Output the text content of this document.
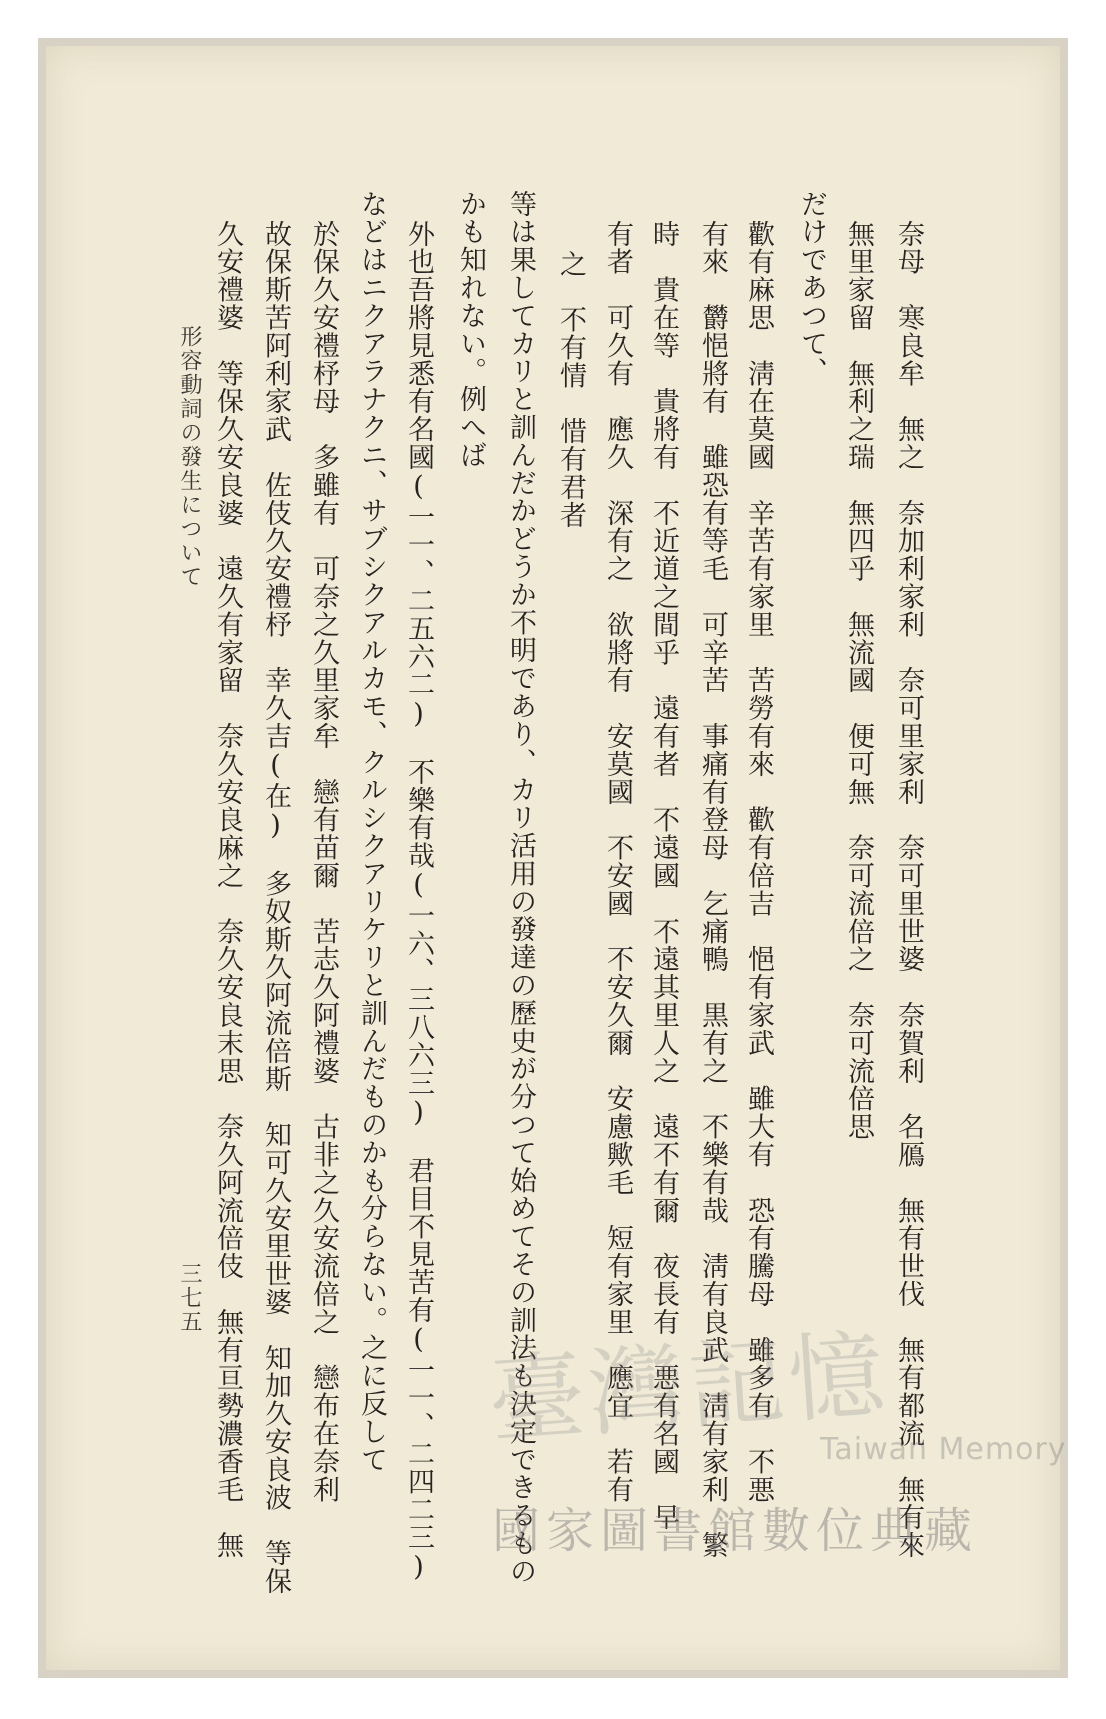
奈母　寒良牟　無之　奈加利家利　奈可里家利　奈可里世婆　奈賀利　名鴈　無有世伐　無有都流　無有來
無里家留　無利之瑞　無四乎　無流國　便可無　奈可流倍之　奈可流倍思
だけであつて、
歡有麻思　淸在莫國　辛苦有家里　苦勞有來　歡有倍吉　悒有家武　雖大有　恐有騰母　雖多有　不悪　
有來　欝悒將有　雖恐有等毛　可辛苦　事痛有登母　乞痛鴨　黒有之　不樂有哉　淸有良武　淸有家利　繁
時　貴在等　貴將有　不近道之間乎　遠有者　不遠國　不遠其里人之　遠不有爾　夜長有　悪有名國　早
有者　可久有　應久　深有之　欲將有　安莫國　不安國　不安久爾　安慮歟毛　短有家里　應宜　若有
之　不有情　惜有君者
等は果してカリと訓んだかどうか不明であり、カリ活用の發達の歷史が分つて始めてその訓法も決定できるもの
かも知れない。例へば
外也吾將見悉有名國(一一、二五六二)　不樂有哉(一六、三八六三)　君目不見苦有(一一、二四二三)
などはニクアラナクニ、サブシクアルカモ、クルシクアリケリと訓んだものかも分らない。之に反して
於保久安禮杼母　多雖有　可奈之久里家牟　戀有苗爾　苦志久阿禮婆　古非之久安流倍之　戀布在奈利
故保斯苦阿利家武　佐伎久安禮杼　幸久吉(在)　多奴斯久阿流倍斯　知可久安里世婆　知加久安良波　等保
久安禮婆　等保久安良婆　遠久有家留　奈久安良麻之　奈久安良末思　奈久阿流倍伎　無有亘勢濃香毛　無
形容動詞の發生について
三七五
臺灣記憶
Taiwan Memory
國家圖書館數位典藏
